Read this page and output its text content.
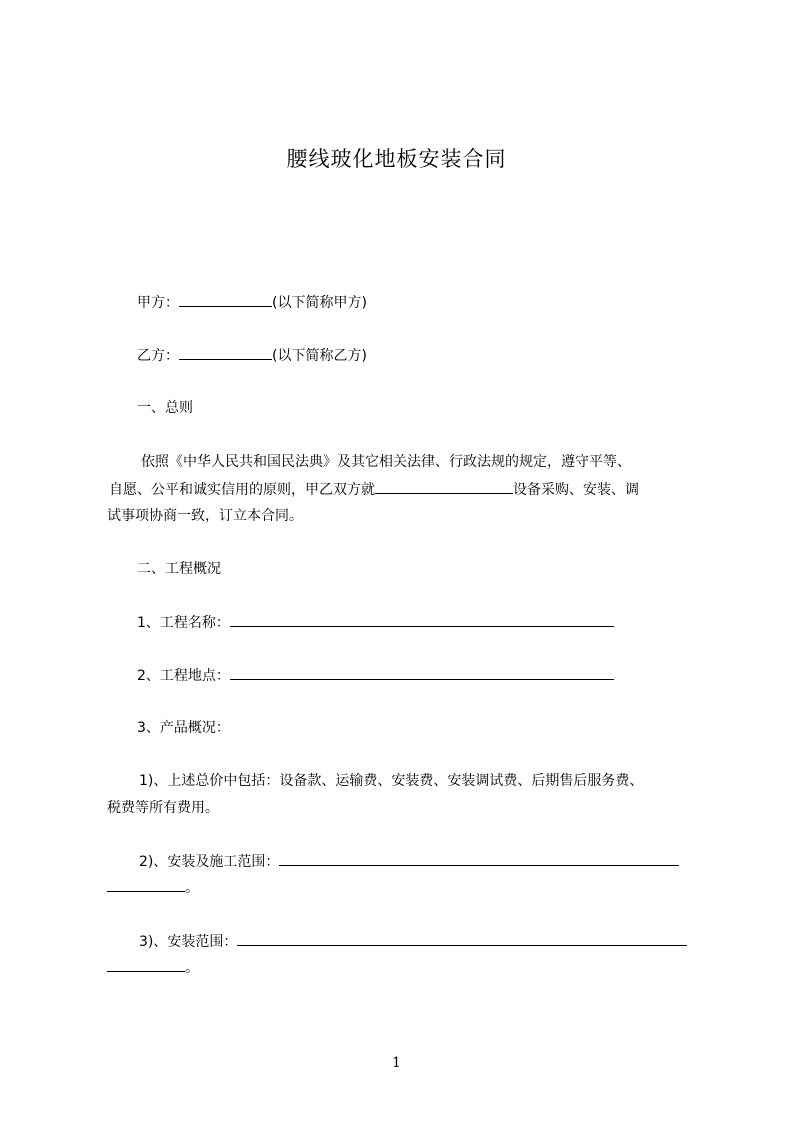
腰线玻化地板安装合同
甲方：	(以下简称甲方)
乙方：	(以下简称乙方)
一、总则
依照《中华人民共和国民法典》及其它相关法律、行政法规的规定，遵守平等、
自愿、公平和诚实信用的原则，甲乙双方就	设备采购、安装、调
试事项协商一致，订立本合同。
二、工程概况
1、工程名称：
2、工程地点：
3、产品概况：
1)、上述总价中包括：设备款、运输费、安装费、安装调试费、后期售后服务费、
税费等所有费用。
2)、安装及施工范围：
。
3)、安装范围：
。
1
